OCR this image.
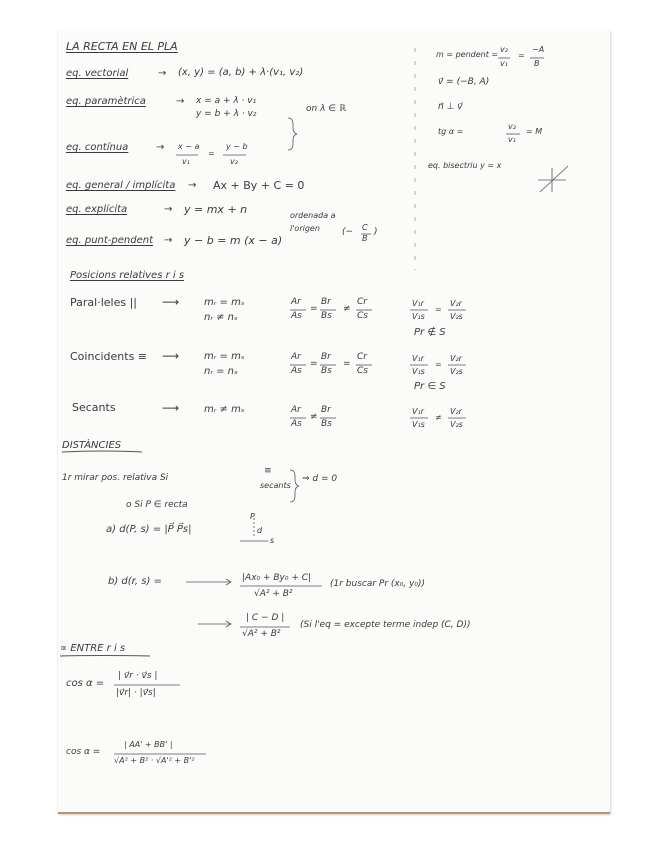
LA RECTA EN EL PLA
eq. vectorial	→ (x, y) = (a, b) + λ·(v₁, v₂)
eq. paramètrica	→ x = a + λ · v₁
y = b + λ · v₂	on λ ∈ ℝ
eq. contínua	→ x − a
v₁
=
y − b
v₂
eq. general / implícita → Ax + By + C = 0
eq. explícita	→ y = mx + n	ordenada a
l'origen (− C
B
)
eq. punt-pendent → y − b = m (x − a)
m = pendent =
v₂
v₁
=
−A
B
v⃗ = (−B, A)
n⃗ ⊥ v⃗
tg α =
v₂
v₁
= M
eq. bisectriu y = x
Posicions relatives r i s
Paral·leles || ⟶ mᵣ = mₛ
nᵣ ≠ nₛ
Ar
As
=
Br
Bs
≠
Cr
Cs
V₁r
V₁s
=
V₂r
V₂s
Pr ∉ S
Coincidents ≡ ⟶ mᵣ = mₛ
nᵣ = nₛ
Ar
As
=
Br
Bs
=
Cr
Cs
V₁r
V₁s
=
V₂r
V₂s
Pr ∈ S
Secants	⟶ mᵣ ≠ mₛ	Ar
As
≠
Br
Bs
V₁r
V₁s
≠
V₂r
V₂s
DISTÀNCIES
1r mirar pos. relativa Si
≡
secants
⇒ d = 0
o Si P ∈ recta
a) d(P, s) = |P⃗ P⃗s|
P
d
s
b) d(r, s) =	|Ax₀ + By₀ + C|
√A² + B²
(1r buscar Pr (x₀, y₀))
| C − D |
√A² + B²
(Si l'eq = excepte terme indep (C, D))
∝ ENTRE r i s
cos α =
| v⃗r · v⃗s |
|v⃗r| · |v⃗s|
cos α =
| AA' + BB' |
√A² + B² · √A'² + B'²
